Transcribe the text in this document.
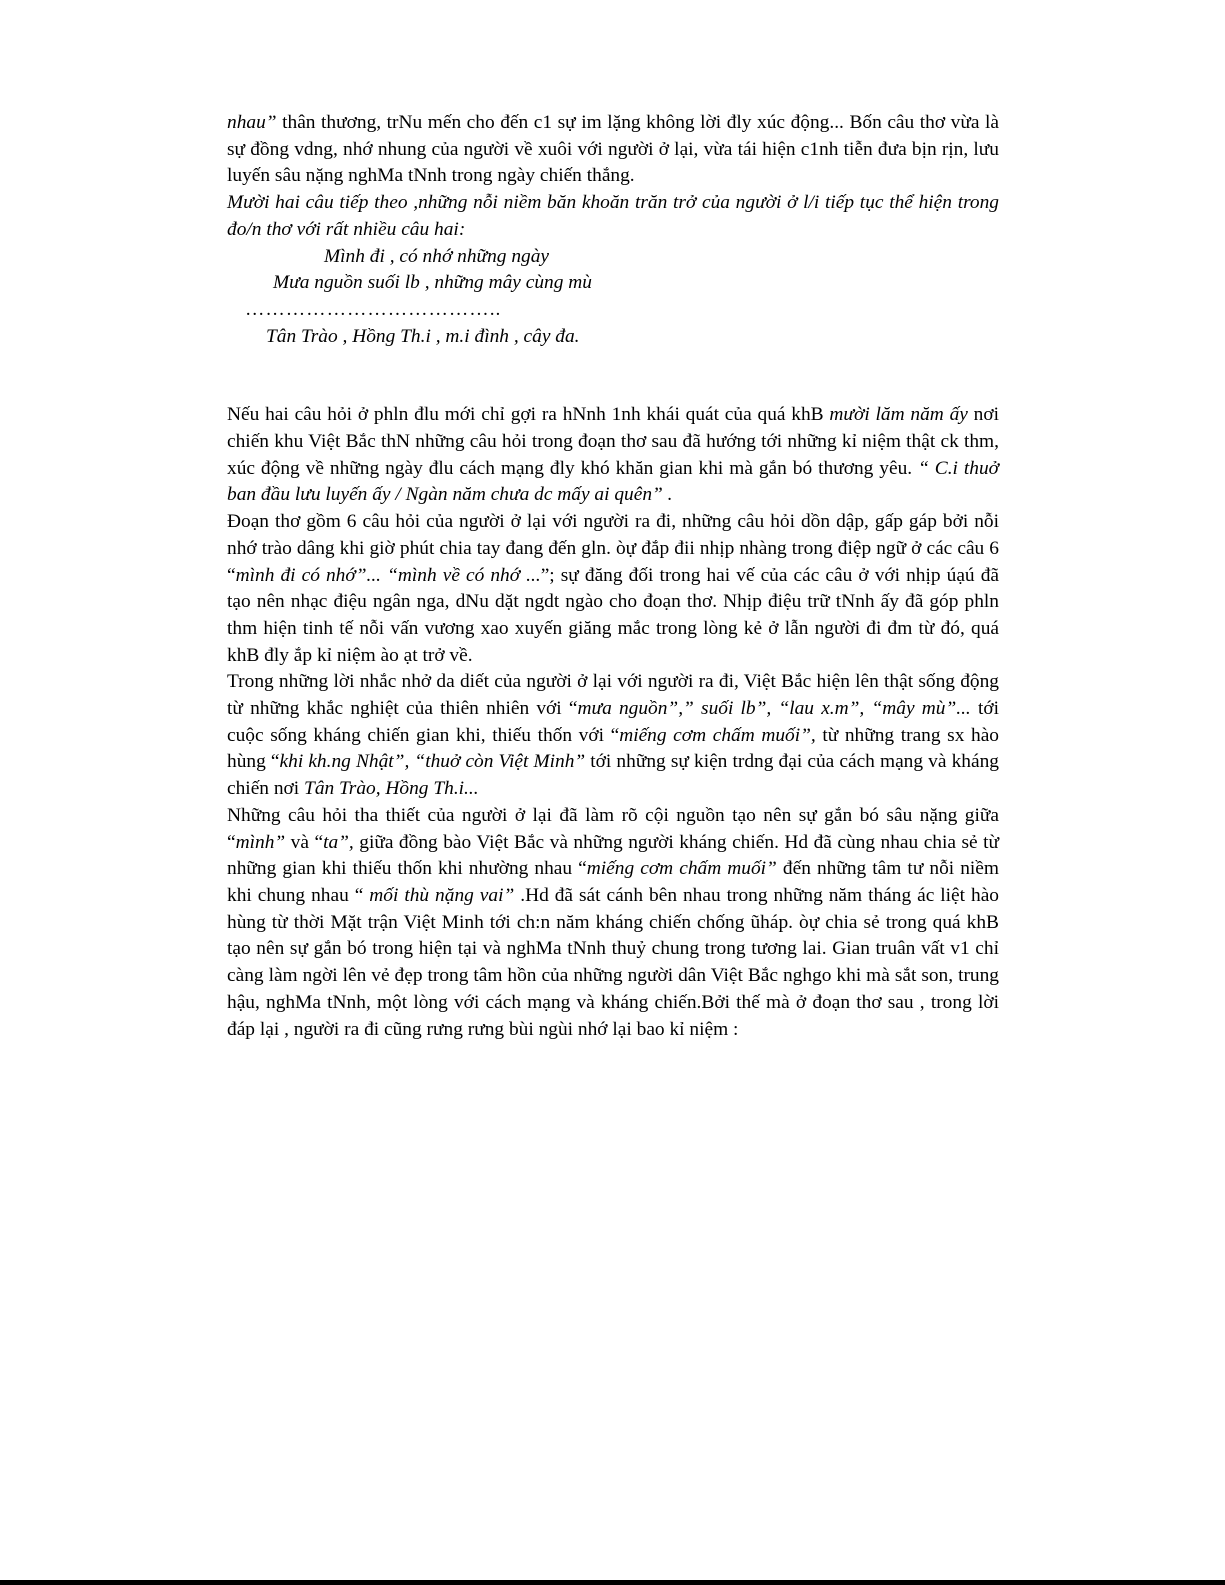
nhau” thân thương, trNu mến cho đến c1 sự im lặng không lời đly xúc động... Bốn câu thơ vừa là sự đồng vdng, nhớ nhung của người về xuôi với người ở lại, vừa tái hiện c1nh tiễn đưa bịn rịn, lưu luyến sâu nặng nghMa tNnh trong ngày chiến thắng.

Mười hai câu tiếp theo ,những nỗi niềm băn khoăn trăn trở của người ở l/i tiếp tục thể hiện trong đo/n thơ với rất nhiều câu hai:

Mình đi , có nhớ những ngày

Mưa nguồn suối lb , những mây cùng mù

………………………………..

Tân Trào , Hồng Th.i , m.i đình , cây đa.

Nếu hai câu hỏi ở phln đlu mới chỉ gợi ra hNnh 1nh khái quát của quá khB mười lăm năm ấy nơi chiến khu Việt Bắc thN những câu hỏi trong đoạn thơ sau đã hướng tới những kỉ niệm thật ck thm, xúc động về những ngày đlu cách mạng đly khó khăn gian khi mà gắn bó thương yêu. “ C.i thuở ban đầu lưu luyến ấy / Ngàn năm chưa dc mấy ai quên” .

Đoạn thơ gồm 6 câu hỏi của người ở lại với người ra đi, những câu hỏi dồn dập, gấp gáp bởi nỗi nhớ trào dâng khi giờ phút chia tay đang đến gln. òự đắp đii nhịp nhàng trong điệp ngữ ở các câu 6 “mình đi có nhớ”... “mình về có nhớ ...”; sự đăng đối trong hai vế của các câu ở với nhịp úạú đã tạo nên nhạc điệu ngân nga, dNu dặt ngdt ngào cho đoạn thơ. Nhịp điệu trữ tNnh ấy đã góp phln thm hiện tinh tế nỗi vấn vương xao xuyến giăng mắc trong lòng kẻ ở lẫn người đi đm từ đó, quá khB đly ắp kỉ niệm ào ạt trở về.

Trong những lời nhắc nhở da diết của người ở lại với người ra đi, Việt Bắc hiện lên thật sống động từ những khắc nghiệt của thiên nhiên với “mưa nguồn”,” suối lb”, “lau x.m”, “mây mù”... tới cuộc sống kháng chiến gian khi, thiếu thốn với “miếng cơm chấm muối”, từ những trang sx hào hùng “khi kh.ng Nhật”, “thuở còn Việt Minh” tới những sự kiện trdng đại của cách mạng và kháng chiến nơi Tân Trào, Hồng Th.i...

Những câu hỏi tha thiết của người ở lại đã làm rõ cội nguồn tạo nên sự gắn bó sâu nặng giữa “mình” và “ta”, giữa đồng bào Việt Bắc và những người kháng chiến. Hd đã cùng nhau chia sẻ từ những gian khi thiếu thốn khi nhường nhau “miếng cơm chấm muối” đến những tâm tư nỗi niềm khi chung nhau “ mối thù nặng vai” .Hd đã sát cánh bên nhau trong những năm tháng ác liệt hào hùng từ thời Mặt trận Việt Minh tới ch:n năm kháng chiến chống ũháp. òự chia sẻ trong quá khB tạo nên sự gắn bó trong hiện tại và nghMa tNnh thuỷ chung trong tương lai. Gian truân vất v1 chỉ càng làm ngời lên vẻ đẹp trong tâm hồn của những người dân Việt Bắc nghgo khi mà sắt son, trung hậu, nghMa tNnh, một lòng với cách mạng và kháng chiến.Bởi thế mà ở đoạn thơ sau , trong lời đáp lại , người ra đi cũng rưng rưng bùi ngùi nhớ lại bao kỉ niệm :
